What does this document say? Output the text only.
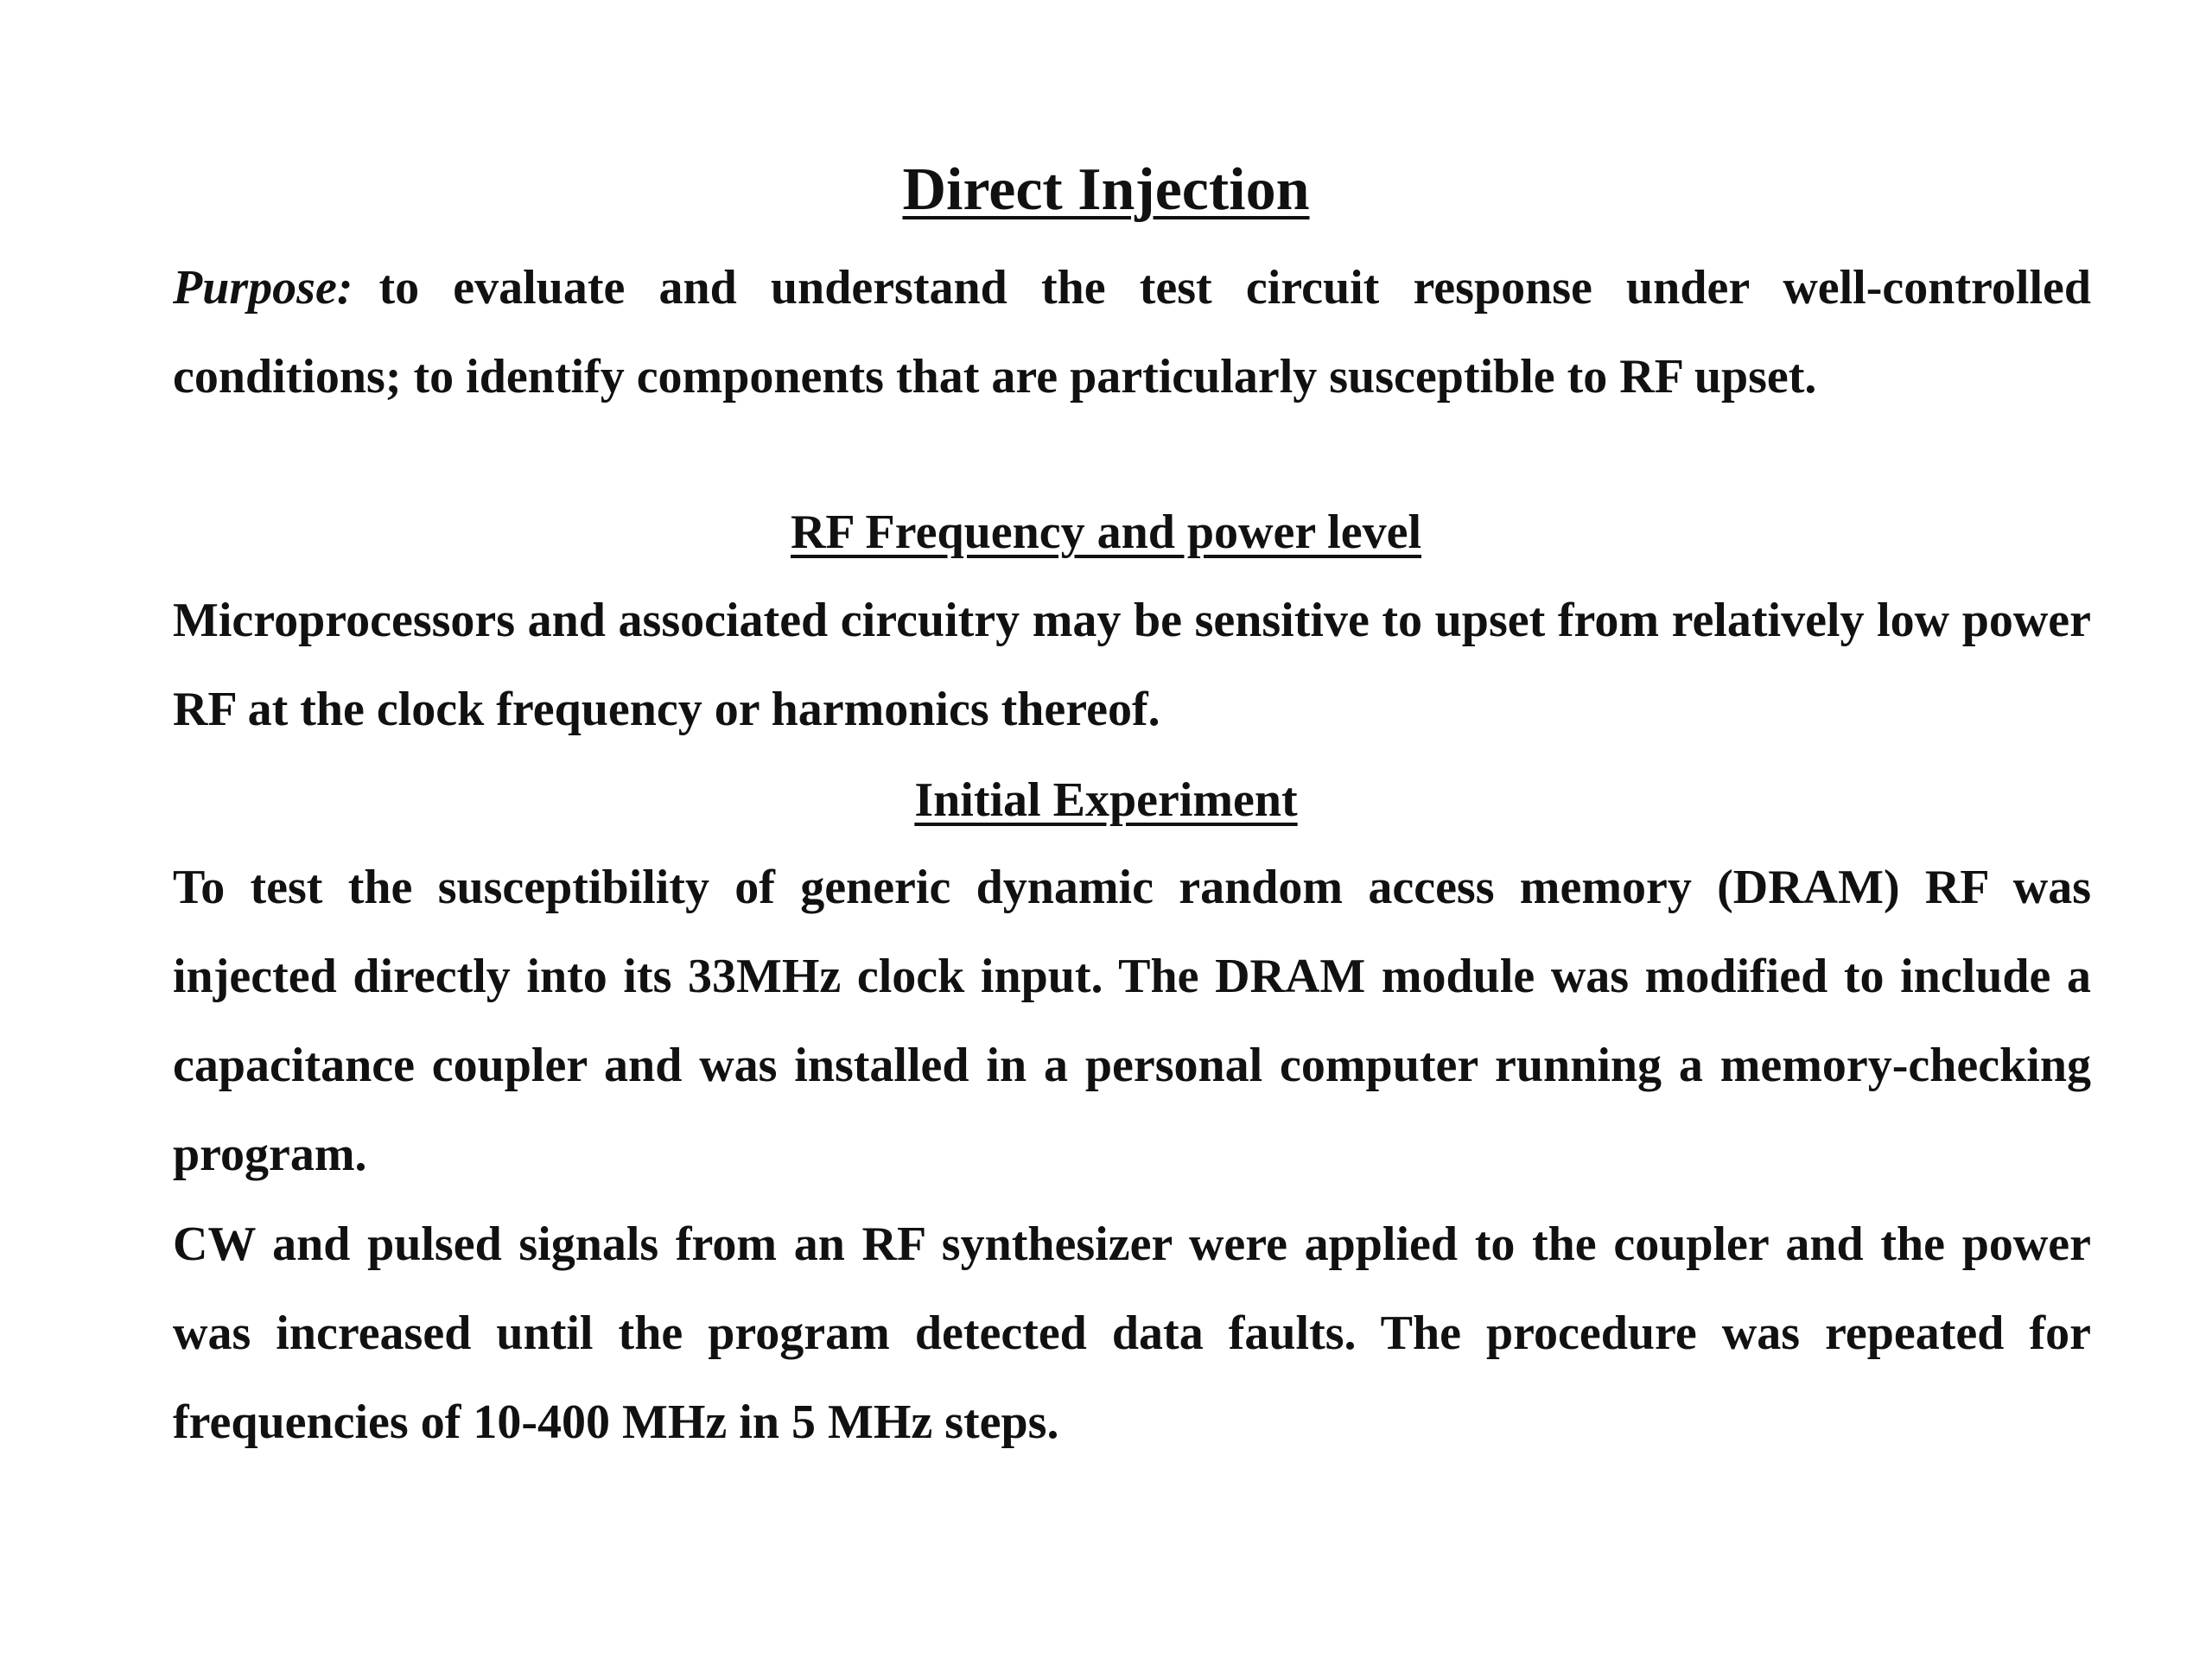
Direct Injection

Purpose: to evaluate and understand the test circuit response under well-controlled conditions; to identify components that are particularly susceptible to RF upset.

RF Frequency and power level

Microprocessors and associated circuitry may be sensitive to upset from relatively low power RF at the clock frequency or harmonics thereof.

Initial Experiment

To test the susceptibility of generic dynamic random access memory (DRAM) RF was injected directly into its 33MHz clock input. The DRAM module was modified to include a capacitance coupler and was installed in a personal computer running a memory-checking program.

CW and pulsed signals from an RF synthesizer were applied to the coupler and the power was increased until the program detected data faults. The procedure was repeated for frequencies of 10-400 MHz in 5 MHz steps.
